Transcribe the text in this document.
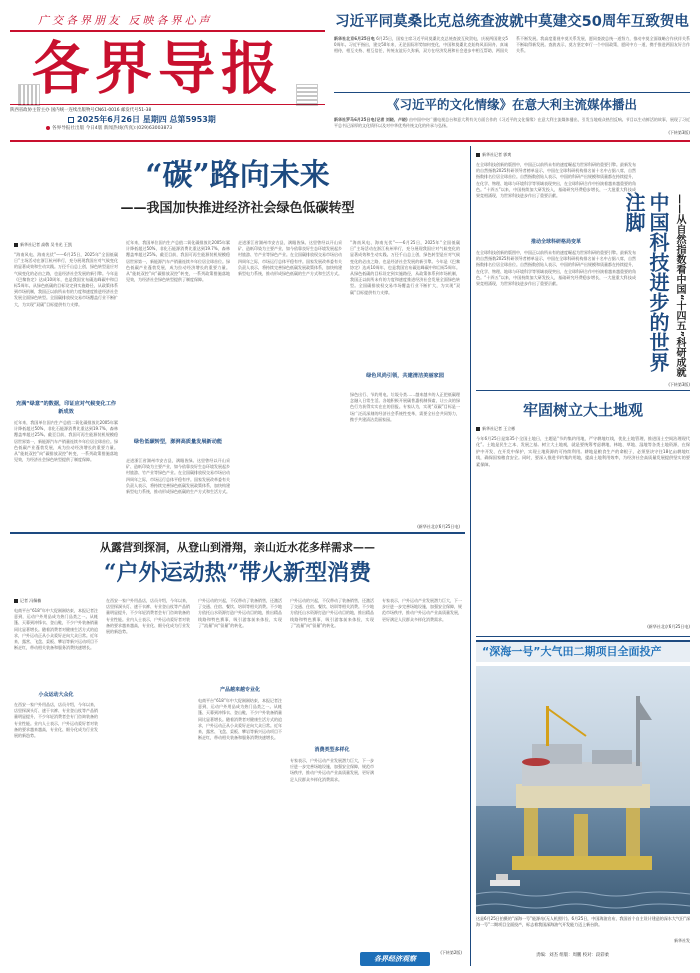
广交各界朋友 反映各界心声
各界导报
陕西省政协主管主办 国内统一连续出版物号CN61-0016 邮发代号51-38
2025年6月26日 星期四 总第5953期
各界导报社出版 今日4版 新闻热线(传真):(029)63003873
习近平同莫桑比克总统查波就中莫建交50周年互致贺电
新华社北京6月25日电 6月25日，国家主席习近平同莫桑比克总统查波互致贺电，庆祝两国建交50周年。习近平指出，建交50年来，无论国际形势如何变化，中国和莫桑比克始终风雨同舟、真诚相待，相互支持、相互信任，传统友谊历久弥新，双方在经济发展和社会进步中相互帮助，两国关系不断发展。我高度重视中莫关系发展，愿同查波总统一道努力，推动中莫全面战略合作伙伴关系不断取得新发展。查波表示，莫方坚定奉行一个中国政策，愿同中方一道，携手推进两国友好合作关系。
《习近平的文化情缘》在意大利主流媒体播出
新华社罗马6月25日电(记者 刘晓、卢晓) 由中国中央广播电视总台和意大利有关方面合作的《习近平的文化情缘》在意大利主流媒体播出，引发当地观众热烈反响。节目以生动鲜活的故事，展现了习近平总书记深厚的文化情怀以及对中华优秀传统文化的传承与弘扬。
(下转第3版)
“碳”路向未来
——我国加快推进经济社会绿色低碳转型
新华社记者 高敬 吴书光 王凯
“海南风电、海南光伏”——6月25日，2025年“全国低碳日”主场活动在浙江杭州举行，充分展现我国应对气候变化的显著成效和生动实践。万径千山总上创，绿色转型是应对气候变化的必由之路，也是经济社会发展的新引擎。今年是《巴黎协定》达成10周年，也是我国宣布碳达峰碳中和目标5周年。从绿色低碳的目标设定到实施路径，从政策体系到市场机制，我国正以前所未有的力度和速度推进经济社会发展全面绿色转型。全国碳排放权交易市场覆盖行业不断扩大，为实现“双碳”目标提供有力支撑。
充满“绿意”的数据，印证应对气候变化工作新成效
近年来，我国单位国内生产总值二氧化碳排放比2005年累计降低超过50%，非化石能源消费比重达到19.7%，森林覆盖率超过25%。截至目前，我国可再生能源装机规模稳居世界第一，新能源汽车产销量连续多年位居全球首位。绿色低碳产业蓬勃发展，成为拉动经济增长的重要力量。从“能耗双控”向“碳排放双控”转变，一系列政策措施落地见效，为经济社会绿色转型提供了制度保障。
近年来，我国单位国内生产总值二氧化碳排放比2005年累计降低超过50%，非化石能源消费比重达到19.7%，森林覆盖率超过25%。截至目前，我国可再生能源装机规模稳居世界第一，新能源汽车产销量连续多年位居全球首位。绿色低碳产业蓬勃发展，成为拉动经济增长的重要力量。从“能耗双控”向“碳排放双控”转变，一系列政策措施落地见效，为经济社会绿色转型提供了制度保障。
绿色低碳转型，澎湃高质量发展新动能
走进浙江省湖州市安吉县，满眼皆绿。这里曾经以开山采矿、造纸印染为主要产业，如今依靠良好生态环境发展起乡村旅游、竹产业等绿色产业。在全国碳排放权交易市场启动四周年之际，市场运行总体平稳有序。国家发展改革委有关负责人表示，将持续完善绿色低碳发展政策体系，加快构建新型电力系统，推动形成绿色低碳的生产方式和生活方式。
走进浙江省湖州市安吉县，满眼皆绿。这里曾经以开山采矿、造纸印染为主要产业，如今依靠良好生态环境发展起乡村旅游、竹产业等绿色产业。在全国碳排放权交易市场启动四周年之际，市场运行总体平稳有序。国家发展改革委有关负责人表示，将持续完善绿色低碳发展政策体系，加快构建新型电力系统，推动形成绿色低碳的生产方式和生活方式。
“海南风电、海南光伏”——6月25日，2025年“全国低碳日”主场活动在浙江杭州举行，充分展现我国应对气候变化的显著成效和生动实践。万径千山总上创，绿色转型是应对气候变化的必由之路，也是经济社会发展的新引擎。今年是《巴黎协定》达成10周年，也是我国宣布碳达峰碳中和目标5周年。从绿色低碳的目标设定到实施路径，从政策体系到市场机制，我国正以前所未有的力度和速度推进经济社会发展全面绿色转型。全国碳排放权交易市场覆盖行业不断扩大，为实现“双碳”目标提供有力支撑。
绿色风尚引领，共建清洁美丽家园
绿色出行、节约用电、垃圾分类……越来越多的人正把低碳理念融入日常生活。各地积极开展碳普惠机制探索，让公众的绿色行为获得实实在在的回报。专家认为，实现“双碳”目标是一场广泛而深刻的经济社会系统性变革，需要全社会共同努力，携手共建清洁美丽家园。
(新华社北京6月25日电)
从露营到探洞，从登山到滑翔，亲山近水花多样需求——
“户外运动热”带火新型消费
记者 冯佩楠
电商平台“618”年中大促刚刚结束，本报记者注意到，运动户外用品成为热门品类之一。从帐篷、天幕到冲锋衣、登山鞋，不少户外装备销量同比显著增长。随着消费者对健康生活方式的追求，户外运动正从小众爱好走向大众日常。近年来，露营、飞盘、桨板、攀岩等新兴运动项目不断走红，带动相关装备和服务消费快速增长。
小众运动大众化
在西安一家户外用品店，店员介绍，今年以来，店里探洞头灯、速干衣裤、专业登山杖等产品销量明显提升，不少年轻消费者会专门咨询装备的专业性能。业内人士表示，户外运动爱好者对装备的要求越来越高，专业化、细分化成为行业发展的新趋势。
在西安一家户外用品店，店员介绍，今年以来，店里探洞头灯、速干衣裤、专业登山杖等产品销量明显提升，不少年轻消费者会专门咨询装备的专业性能。业内人士表示，户外运动爱好者对装备的要求越来越高，专业化、细分化成为行业发展的新趋势。
户外运动的兴起，不仅带动了装备销售，还激活了交通、住宿、餐饮、培训等相关消费。不少地方依托山水资源打造户外运动目的地，推出精品线路和特色赛事，吸引游客前来体验，实现了“流量”向“留量”的转化。
产品越来越专业化
电商平台“618”年中大促刚刚结束，本报记者注意到，运动户外用品成为热门品类之一。从帐篷、天幕到冲锋衣、登山鞋，不少户外装备销量同比显著增长。随着消费者对健康生活方式的追求，户外运动正从小众爱好走向大众日常。近年来，露营、飞盘、桨板、攀岩等新兴运动项目不断走红，带动相关装备和服务消费快速增长。
户外运动的兴起，不仅带动了装备销售，还激活了交通、住宿、餐饮、培训等相关消费。不少地方依托山水资源打造户外运动目的地，推出精品线路和特色赛事，吸引游客前来体验，实现了“流量”向“留量”的转化。
消费类型多样化
专家表示，户外运动产业发展潜力巨大，下一步应进一步完善场地设施，加强安全保障，规范市场秩序，推动户外运动产业高质量发展，更好满足人民群众多样化消费需求。
专家表示，户外运动产业发展潜力巨大，下一步应进一步完善场地设施，加强安全保障，规范市场秩序，推动户外运动产业高质量发展，更好满足人民群众多样化消费需求。
(下转第2版)
新华社记者 郭爽
在全球科技创新的版图中，中国正以前所未有的速度崛起为世界科研的重要引擎。最新发布的自然指数2025科研领导者榜单显示，中国在全球科研机构排名前十名中占据八席，自然指数排名位居全球首位。自然指数创始人表示，中国的科研产出规模和质量都在持续提升，在化学、物理、地球与环境科学等领域表现突出，在全球科研合作中扮演着越来越重要的角色。“十四五”以来，中国持续加大研发投入，基础研究经费稳步增长，一大批重大科技成果竞相涌现，为世界科技进步作出了重要贡献。
推动全球科研格局变革
在全球科技创新的版图中，中国正以前所未有的速度崛起为世界科研的重要引擎。最新发布的自然指数2025科研领导者榜单显示，中国在全球科研机构排名前十名中占据八席，自然指数排名位居全球首位。自然指数创始人表示，中国的科研产出规模和质量都在持续提升，在化学、物理、地球与环境科学等领域表现突出，在全球科研合作中扮演着越来越重要的角色。“十四五”以来，中国持续加大研发投入，基础研究经费稳步增长，一大批重大科技成果竞相涌现，为世界科技进步作出了重要贡献。	中国科技进步的世界注脚	——从自然指数看中国“十四五”科研成就
(下转第3版)
牢固树立大土地观
新华社记者 王立彬
今年6月25日是第35个全国土地日，主题是“节约集约用地，严守耕地红线，优化土地管理，推进国土空间治理现代化”。土地是民生之本、发展之基。树立大土地观，就是要统筹考虑耕地、林地、草地、湿地等各类土地资源，在保护中开发、在开发中保护，实现土地资源的可持续利用。耕地是粮食生产的命根子，必须坚决守住18亿亩耕地红线，确保国家粮食安全。同时，要深入推进节约集约用地，提高土地利用效率，为经济社会高质量发展提供坚实的要素保障。
(新华社北京6月25日电)
“深海一号”大气田二期项目全面投产
这是6月25日拍摄的“深海一号”能源站(无人机照片)。6月25日，中国海油宣布，我国首个自主设计建造的深水大气田“深海一号”二期项目全面投产，标志着我国深海油气开发能力迈上新台阶。
新华社发
责编：刘杰 组版：周鹏 校对：段彩柔
各界经济观察
